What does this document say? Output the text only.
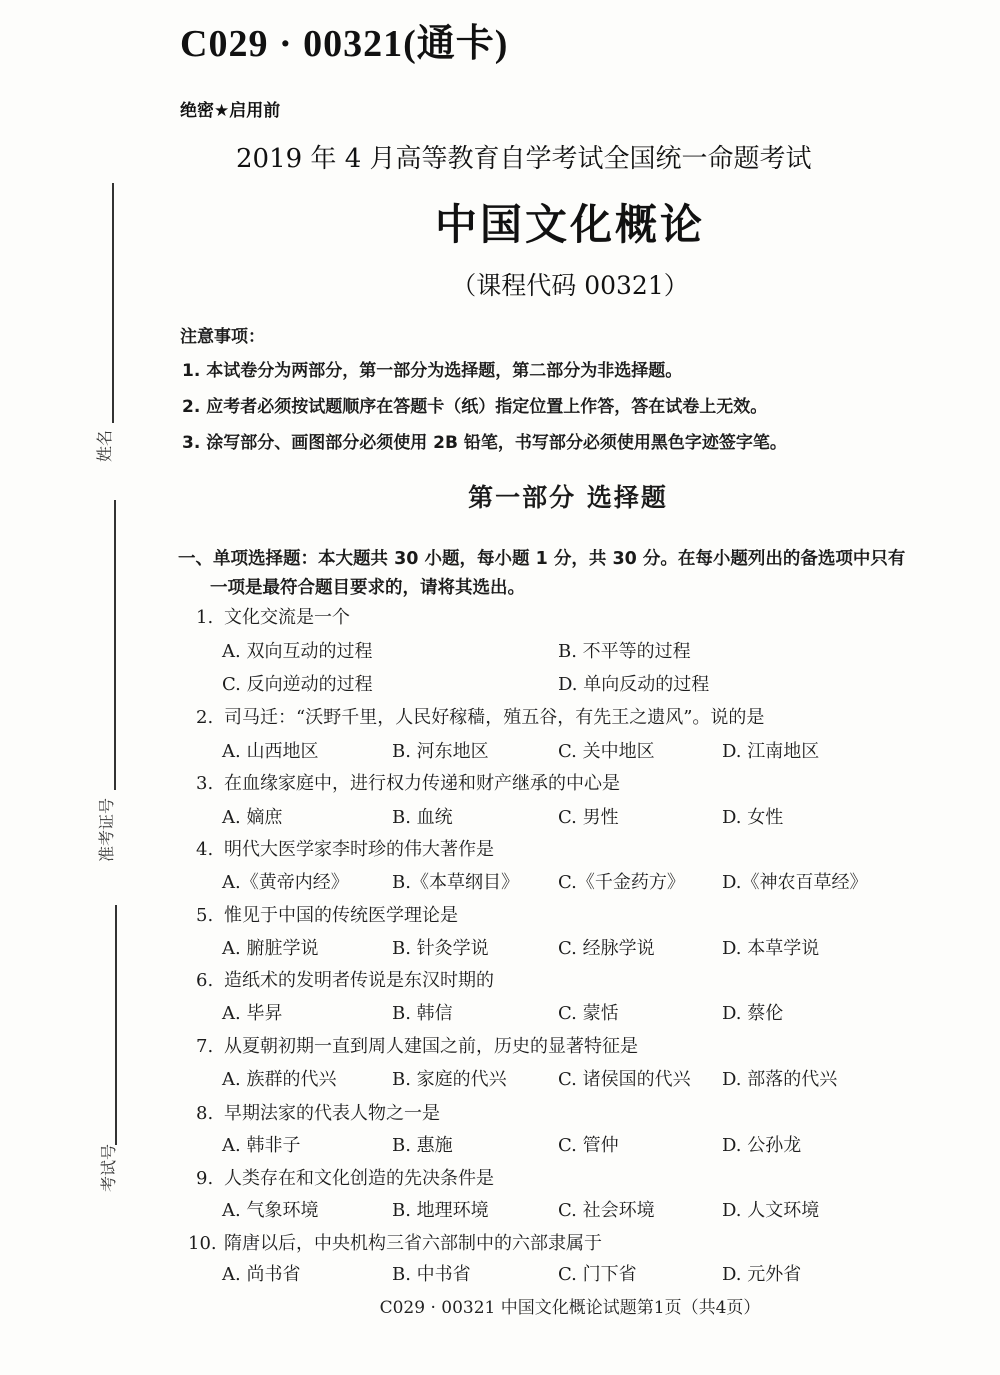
姓名
准考证号
考试号
C029 · 00321(通卡)
绝密★启用前
2019 年 4 月高等教育自学考试全国统一命题考试
中国文化概论
（课程代码 00321）
注意事项：
1. 本试卷分为两部分，第一部分为选择题，第二部分为非选择题。
2. 应考者必须按试题顺序在答题卡（纸）指定位置上作答，答在试卷上无效。
3. 涂写部分、画图部分必须使用 2B 铅笔，书写部分必须使用黑色字迹签字笔。
第一部分 选择题
一、单项选择题：本大题共 30 小题，每小题 1 分，共 30 分。在每小题列出的备选项中只有
一项是最符合题目要求的，请将其选出。
1. 文化交流是一个
A. 双向互动的过程	B. 不平等的过程
C. 反向逆动的过程	D. 单向反动的过程
2. 司马迁：“沃野千里，人民好稼穑，殖五谷，有先王之遗风”。说的是
A. 山西地区	B. 河东地区	C. 关中地区	D. 江南地区
3. 在血缘家庭中，进行权力传递和财产继承的中心是
A. 嫡庶	B. 血统	C. 男性	D. 女性
4. 明代大医学家李时珍的伟大著作是
A.《黄帝内经》 B.《本草纲目》 C.《千金药方》 D.《神农百草经》
5. 惟见于中国的传统医学理论是
A. 腑脏学说	B. 针灸学说	C. 经脉学说	D. 本草学说
6. 造纸术的发明者传说是东汉时期的
A. 毕昇	B. 韩信	C. 蒙恬	D. 蔡伦
7. 从夏朝初期一直到周人建国之前，历史的显著特征是
A. 族群的代兴	B. 家庭的代兴	C. 诸侯国的代兴 D. 部落的代兴
8. 早期法家的代表人物之一是
A. 韩非子	B. 惠施	C. 管仲	D. 公孙龙
9. 人类存在和文化创造的先决条件是
A. 气象环境	B. 地理环境	C. 社会环境	D. 人文环境
10. 隋唐以后，中央机构三省六部制中的六部隶属于
A. 尚书省	B. 中书省	C. 门下省	D. 元外省
C029 · 00321 中国文化概论试题第1页（共4页）
